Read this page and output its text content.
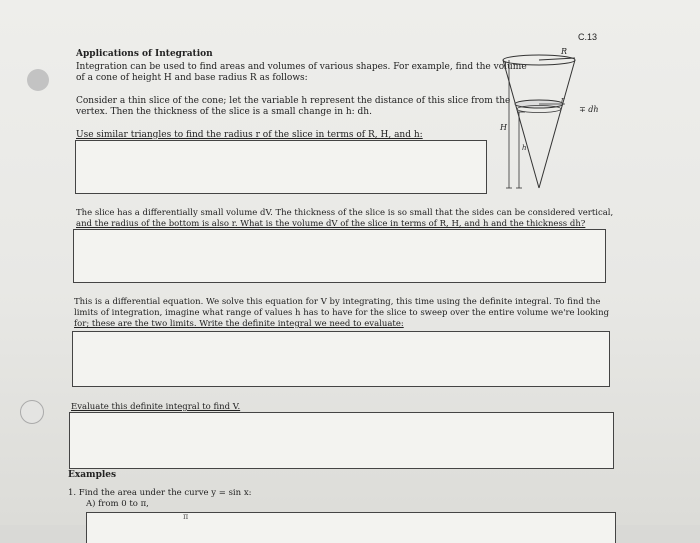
C.13
Applications of Integration
Integration can be used to find areas and volumes of various shapes. For example, find the volume
of a cone of height H and base radius R as follows:
Consider a thin slice of the cone; let the variable h represent the distance of this slice from the
vertex. Then the thickness of the slice is a small change in h: dh.
Use similar triangles to find the radius r of the slice in terms of R, H, and h:
R
r
∓ dh
H
h
The slice has a differentially small volume dV. The thickness of the slice is so small that the sides can be considered vertical,
and the radius of the bottom is also r. What is the volume dV of the slice in terms of R, H, and h and the thickness dh?
This is a differential equation. We solve this equation for V by integrating, this time using the definite integral. To find the
limits of integration, imagine what range of values h has to have for the slice to sweep over the entire volume we're looking
for; these are the two limits. Write the definite integral we need to evaluate:
Evaluate this definite integral to find V.
Examples
1. Find the area under the curve y = sin x:
A) from 0 to π,
π
